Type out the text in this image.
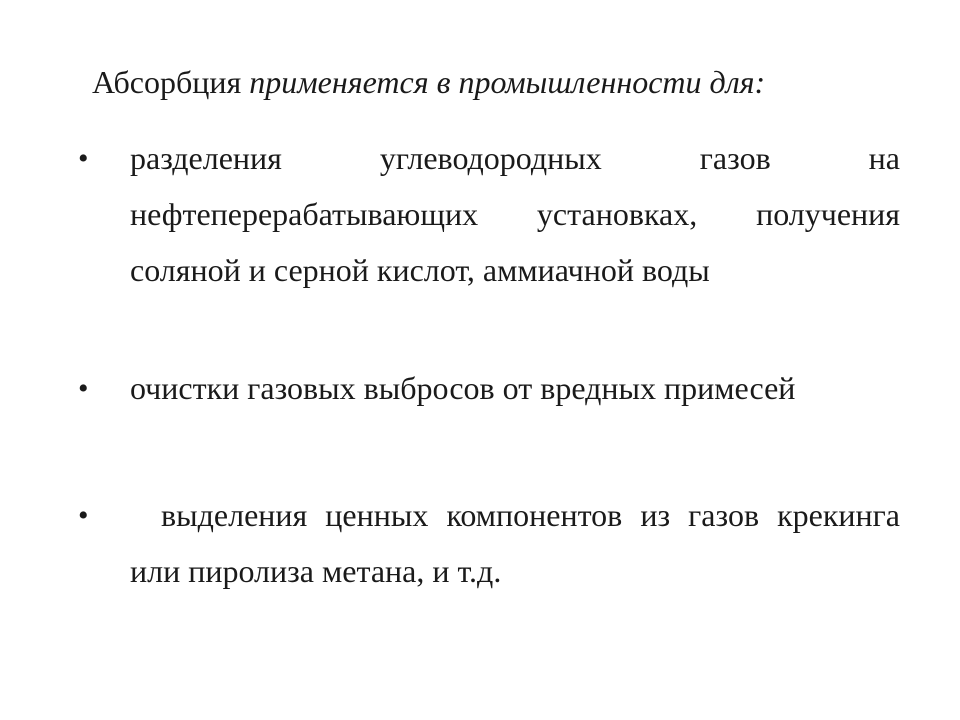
Абсорбция применяется в промышленности для:
• разделения углеводородных газов на нефтеперерабатывающих установках, получения соляной и серной кислот, аммиачной воды
• очистки газовых выбросов от вредных примесей
•	выделения ценных компонентов из газов крекинга или пиролиза метана, и т.д.
